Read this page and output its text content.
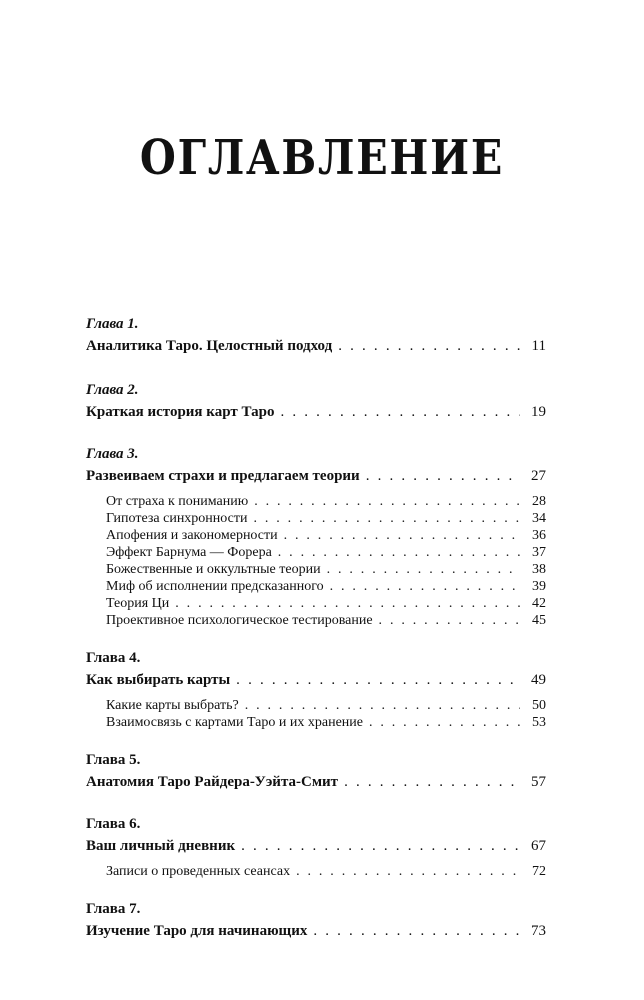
ОГЛАВЛЕНИЕ
Глава 1.
Аналитика Таро. Целостный подход . . .	11
Глава 2.
Краткая история карт Таро . . .	19
Глава 3.
Развеиваем страхи и предлагаем теории . . .	27
От страха к пониманию . . .	28
Гипотеза синхронности . . .	34
Апофения и закономерности . . .	36
Эффект Барнума — Форера . . .	37
Божественные и оккультные теории . . .	38
Миф об исполнении предсказанного . . .	39
Теория Ци . . .	42
Проективное психологическое тестирование . . .	45
Глава 4.
Как выбирать карты . . .	49
Какие карты выбрать? . . .	50
Взаимосвязь с картами Таро и их хранение . . .	53
Глава 5.
Анатомия Таро Райдера-Уэйта-Смит . . .	57
Глава 6.
Ваш личный дневник . . .	67
Записи о проведенных сеансах . . .	72
Глава 7.
Изучение Таро для начинающих . . .	73
